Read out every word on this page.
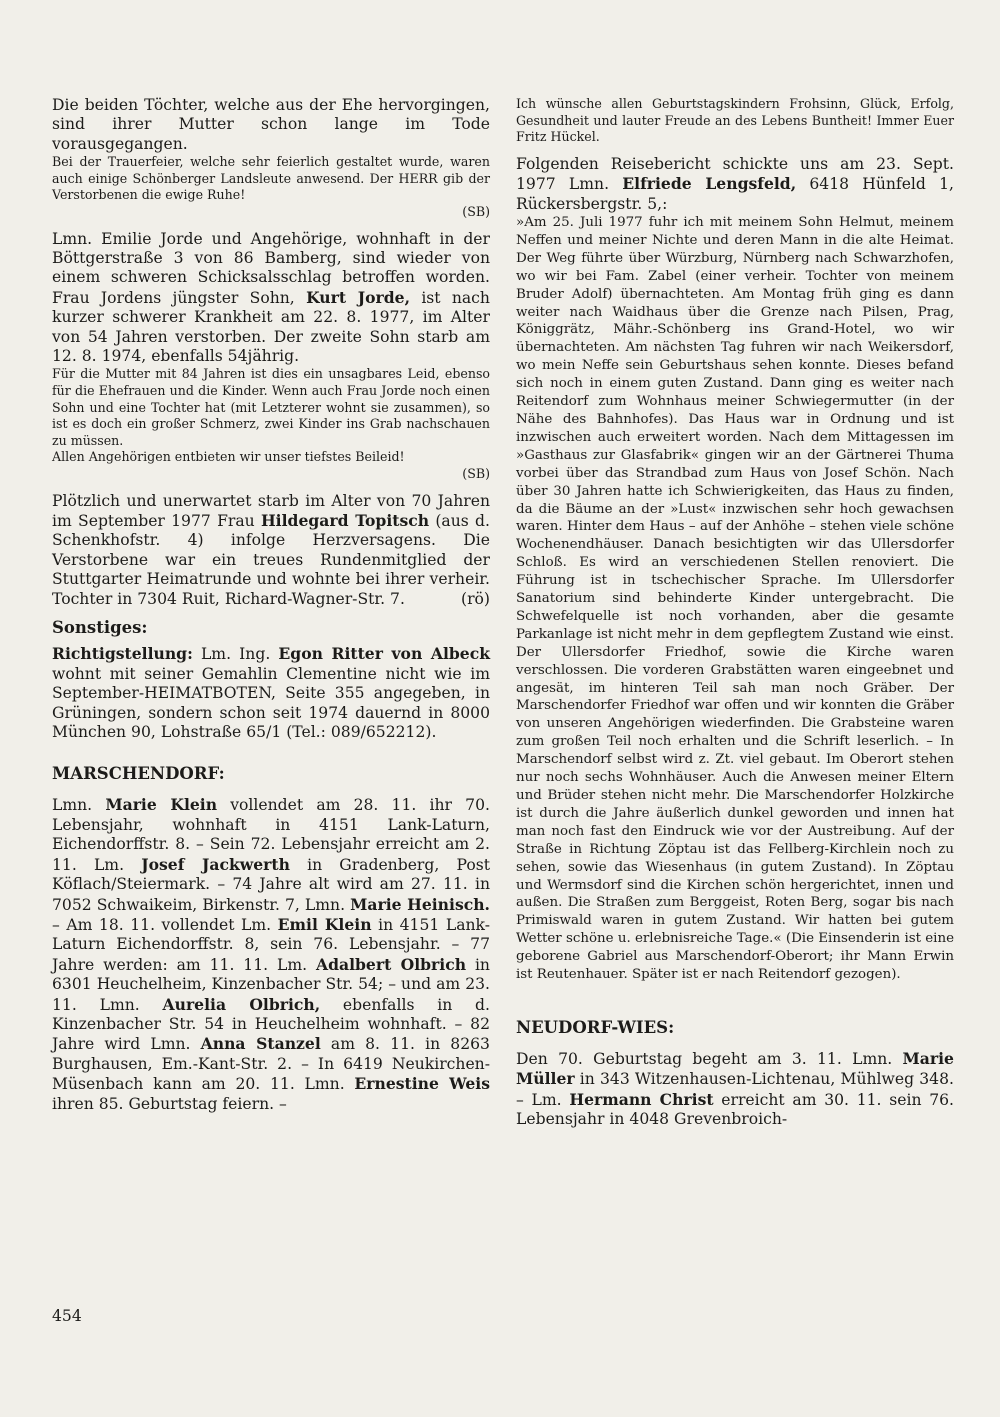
Die beiden Töchter, welche aus der Ehe hervorgingen, sind ihrer Mutter schon lange im Tode vorausgegangen.

Bei der Trauerfeier, welche sehr feierlich gestaltet wurde, waren auch einige Schönberger Landsleute anwesend. Der HERR gib der Verstorbenen die ewige Ruhe!
(SB)

Lmn. Emilie Jorde und Angehörige, wohnhaft in der Böttgerstraße 3 von 86 Bamberg, sind wieder von einem schweren Schicksalsschlag betroffen worden. Frau Jordens jüngster Sohn, Kurt Jorde, ist nach kurzer schwerer Krankheit am 22. 8. 1977, im Alter von 54 Jahren verstorben. Der zweite Sohn starb am 12. 8. 1974, ebenfalls 54jährig.

Für die Mutter mit 84 Jahren ist dies ein unsagbares Leid, ebenso für die Ehefrauen und die Kinder. Wenn auch Frau Jorde noch einen Sohn und eine Tochter hat (mit Letzterer wohnt sie zusammen), so ist es doch ein großer Schmerz, zwei Kinder ins Grab nachschauen zu müssen.

Allen Angehörigen entbieten wir unser tiefstes Beileid!
(SB)

Plötzlich und unerwartet starb im Alter von 70 Jahren im September 1977 Frau Hildegard Topitsch (aus d. Schenkhofstr. 4) infolge Herzversagens. Die Verstorbene war ein treues Rundenmitglied der Stuttgarter Heimatrunde und wohnte bei ihrer verheir. Tochter in 7304 Ruit, Richard-Wagner-Str. 7.	(rö)

Sonstiges:

Richtigstellung: Lm. Ing. Egon Ritter von Albeck wohnt mit seiner Gemahlin Clementine nicht wie im September-HEIMATBOTEN, Seite 355 angegeben, in Grüningen, sondern schon seit 1974 dauernd in 8000 München 90, Lohstraße 65/1 (Tel.: 089/652212).

MARSCHENDORF:

Lmn. Marie Klein vollendet am 28. 11. ihr 70. Lebensjahr, wohnhaft in 4151 Lank-Laturn, Eichendorffstr. 8. – Sein 72. Lebensjahr erreicht am 2. 11. Lm. Josef Jackwerth in Gradenberg, Post Köflach/Steiermark. – 74 Jahre alt wird am 27. 11. in 7052 Schwaikeim, Birkenstr. 7, Lmn. Marie Heinisch. – Am 18. 11. vollendet Lm. Emil Klein in 4151 Lank-Laturn Eichendorffstr. 8, sein 76. Lebensjahr. – 77 Jahre werden: am 11. 11. Lm. Adalbert Olbrich in 6301 Heuchelheim, Kinzenbacher Str. 54; – und am 23. 11. Lmn. Aurelia Olbrich, ebenfalls in d. Kinzenbacher Str. 54 in Heuchelheim wohnhaft. – 82 Jahre wird Lmn. Anna Stanzel am 8. 11. in 8263 Burghausen, Em.-Kant-Str. 2. – In 6419 Neukirchen-Müsenbach kann am 20. 11. Lmn. Ernestine Weis ihren 85. Geburtstag feiern. –

Ich wünsche allen Geburtstagskindern Frohsinn, Glück, Erfolg, Gesundheit und lauter Freude an des Lebens Buntheit! Immer Euer Fritz Hückel.

Folgenden Reisebericht schickte uns am 23. Sept. 1977 Lmn. Elfriede Lengsfeld, 6418 Hünfeld 1, Rückersbergstr. 5,:

»Am 25. Juli 1977 fuhr ich mit meinem Sohn Helmut, meinem Neffen und meiner Nichte und deren Mann in die alte Heimat. Der Weg führte über Würzburg, Nürnberg nach Schwarzhofen, wo wir bei Fam. Zabel (einer verheir. Tochter von meinem Bruder Adolf) übernachteten. Am Montag früh ging es dann weiter nach Waidhaus über die Grenze nach Pilsen, Prag, Königgrätz, Mähr.-Schönberg ins Grand-Hotel, wo wir übernachteten. Am nächsten Tag fuhren wir nach Weikersdorf, wo mein Neffe sein Geburtshaus sehen konnte. Dieses befand sich noch in einem guten Zustand. Dann ging es weiter nach Reitendorf zum Wohnhaus meiner Schwiegermutter (in der Nähe des Bahnhofes). Das Haus war in Ordnung und ist inzwischen auch erweitert worden. Nach dem Mittagessen im »Gasthaus zur Glasfabrik« gingen wir an der Gärtnerei Thuma vorbei über das Strandbad zum Haus von Josef Schön. Nach über 30 Jahren hatte ich Schwierigkeiten, das Haus zu finden, da die Bäume an der »Lust« inzwischen sehr hoch gewachsen waren. Hinter dem Haus – auf der Anhöhe – stehen viele schöne Wochenendhäuser. Danach besichtigten wir das Ullersdorfer Schloß. Es wird an verschiedenen Stellen renoviert. Die Führung ist in tschechischer Sprache. Im Ullersdorfer Sanatorium sind behinderte Kinder untergebracht. Die Schwefelquelle ist noch vorhanden, aber die gesamte Parkanlage ist nicht mehr in dem gepflegtem Zustand wie einst. Der Ullersdorfer Friedhof, sowie die Kirche waren verschlossen. Die vorderen Grabstätten waren eingeebnet und angesät, im hinteren Teil sah man noch Gräber. Der Marschendorfer Friedhof war offen und wir konnten die Gräber von unseren Angehörigen wiederfinden. Die Grabsteine waren zum großen Teil noch erhalten und die Schrift leserlich. – In Marschendorf selbst wird z. Zt. viel gebaut. Im Oberort stehen nur noch sechs Wohnhäuser. Auch die Anwesen meiner Eltern und Brüder stehen nicht mehr. Die Marschendorfer Holzkirche ist durch die Jahre äußerlich dunkel geworden und innen hat man noch fast den Eindruck wie vor der Austreibung. Auf der Straße in Richtung Zöptau ist das Fellberg-Kirchlein noch zu sehen, sowie das Wiesenhaus (in gutem Zustand). In Zöptau und Wermsdorf sind die Kirchen schön hergerichtet, innen und außen. Die Straßen zum Berggeist, Roten Berg, sogar bis nach Primiswald waren in gutem Zustand. Wir hatten bei gutem Wetter schöne u. erlebnisreiche Tage.« (Die Einsenderin ist eine geborene Gabriel aus Marschendorf-Oberort; ihr Mann Erwin ist Reutenhauer. Später ist er nach Reitendorf gezogen).

NEUDORF-WIES:

Den 70. Geburtstag begeht am 3. 11. Lmn. Marie Müller in 343 Witzenhausen-Lichtenau, Mühlweg 348. – Lm. Hermann Christ erreicht am 30. 11. sein 76. Lebensjahr in 4048 Grevenbroich-

454
